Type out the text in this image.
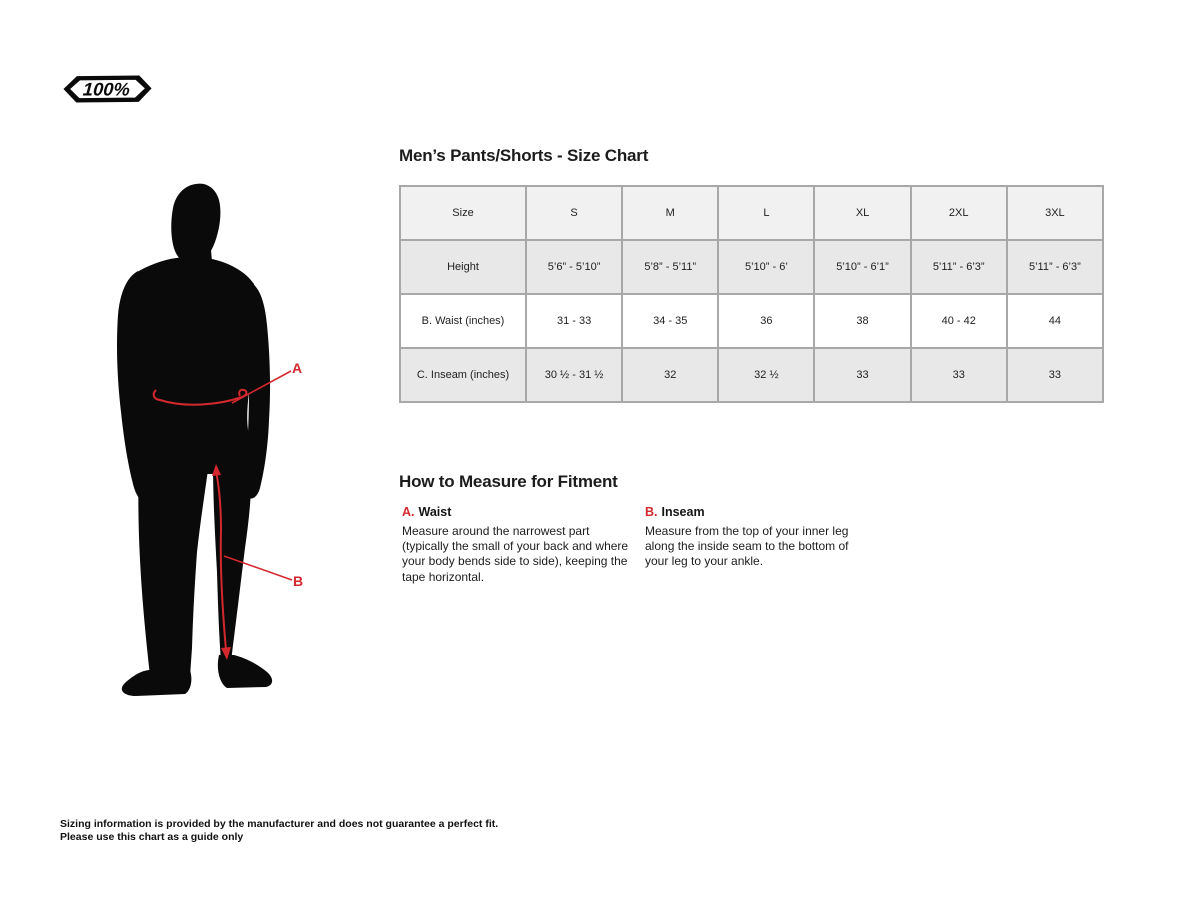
100%
A
B
Men’s Pants/Shorts - Size Chart
Size	S	M	L	XL	2XL	3XL
Height	5’6” - 5’10”	5’8” - 5’11”	5’10” - 6’	5’10” - 6’1”	5’11” - 6’3”	5’11” - 6’3”
B. Waist (inches)	31 - 33	34 - 35	36	38	40 - 42	44
C. Inseam (inches)	30 ½ - 31 ½	32	32 ½	33	33	33
How to Measure for Fitment
A. Waist
Measure around the narrowest part (typically the small of your back and where your body bends side to side), keeping the tape horizontal.
B. Inseam
Measure from the top of your inner leg along the inside seam to the bottom of your leg to your ankle.
Sizing information is provided by the manufacturer and does not guarantee a perfect fit.
Please use this chart as a guide only
